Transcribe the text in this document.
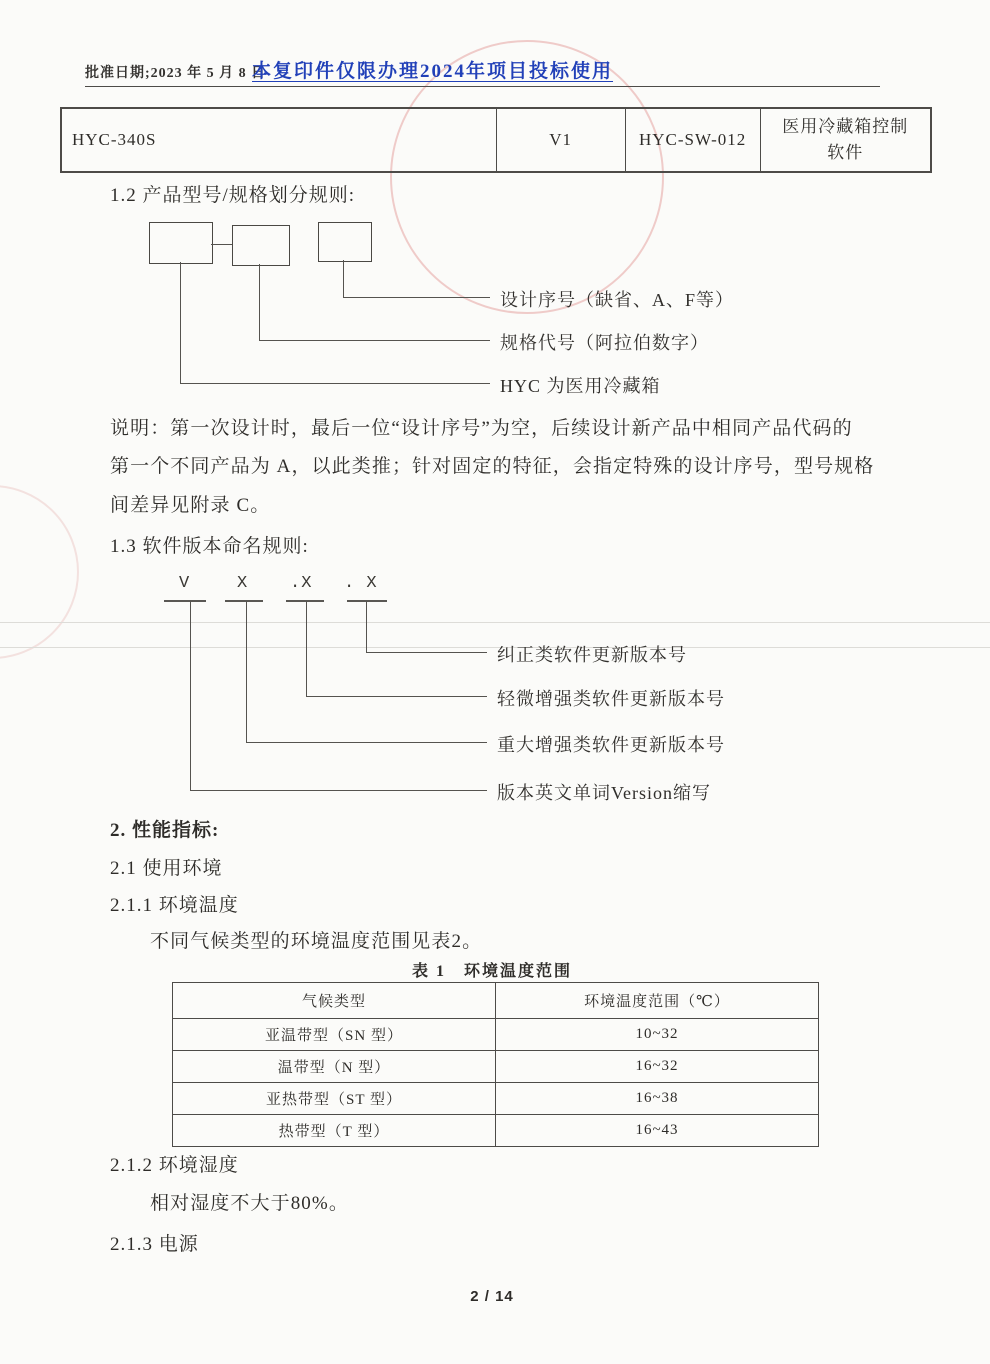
批准日期;2023 年 5 月 8 日
本复印件仅限办理2024年项目投标使用
HYC-340S	V1	HYC-SW-012
医用冷藏箱控制
软件
1.2 产品型号/规格划分规则:
设计序号（缺省、A、F等）
规格代号（阿拉伯数字）
HYC 为医用冷藏箱
说明：第一次设计时，最后一位“设计序号”为空，后续设计新产品中相同产品代码的
第一个不同产品为 A，以此类推；针对固定的特征，会指定特殊的设计序号，型号规格
间差异见附录 C。
1.3 软件版本命名规则:
V	X .X . X
纠正类软件更新版本号
轻微增强类软件更新版本号
重大增强类软件更新版本号
版本英文单词Version缩写
2. 性能指标:
2.1 使用环境
2.1.1 环境温度
不同气候类型的环境温度范围见表2。
表 1　环境温度范围
气候类型	环境温度范围（℃）
亚温带型（SN 型）	10~32
温带型（N 型）	16~32
亚热带型（ST 型）	16~38
热带型（T 型）	16~43
2.1.2 环境湿度
相对湿度不大于80%。
2.1.3 电源
2 / 14
